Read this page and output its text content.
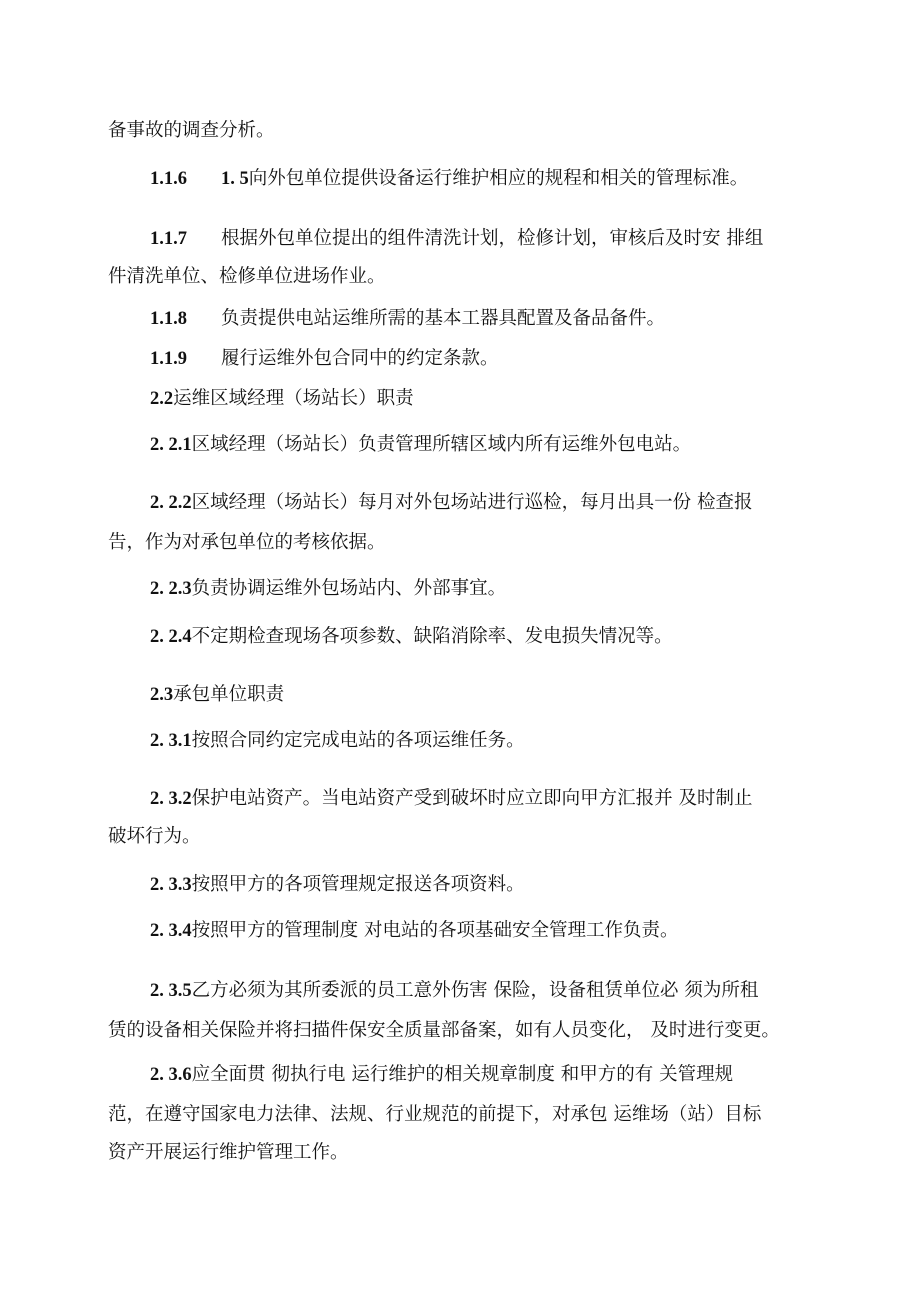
备事故的调查分析。
1.1.6 1. 5向外包单位提供设备运行维护相应的规程和相关的管理标准。
1.1.7 根据外包单位提出的组件清洗计划，检修计划，审核后及时安 排组
件清洗单位、检修单位进场作业。
1.1.8 负责提供电站运维所需的基本工器具配置及备品备件。
1.1.9 履行运维外包合同中的约定条款。
2.2运维区域经理（场站长）职责
2. 2.1区域经理（场站长）负责管理所辖区域内所有运维外包电站。
2. 2.2区域经理（场站长）每月对外包场站进行巡检，每月出具一份 检查报
告，作为对承包单位的考核依据。
2. 2.3负责协调运维外包场站内、外部事宜。
2. 2.4不定期检查现场各项参数、缺陷消除率、发电损失情况等。
2.3承包单位职责
2. 3.1按照合同约定完成电站的各项运维任务。
2. 3.2保护电站资产。当电站资产受到破坏时应立即向甲方汇报并 及时制止
破坏行为。
2. 3.3按照甲方的各项管理规定报送各项资料。
2. 3.4按照甲方的管理制度 对电站的各项基础安全管理工作负责。
2. 3.5乙方必须为其所委派的员工意外伤害 保险，设备租赁单位必 须为所租
赁的设备相关保险并将扫描件保安全质量部备案，如有人员变化， 及时进行变更。
2. 3.6应全面贯 彻执行电 运行维护的相关规章制度 和甲方的有 关管理规
范，在遵守国家电力法律、法规、行业规范的前提下，对承包 运维场（站）目标
资产开展运行维护管理工作。
